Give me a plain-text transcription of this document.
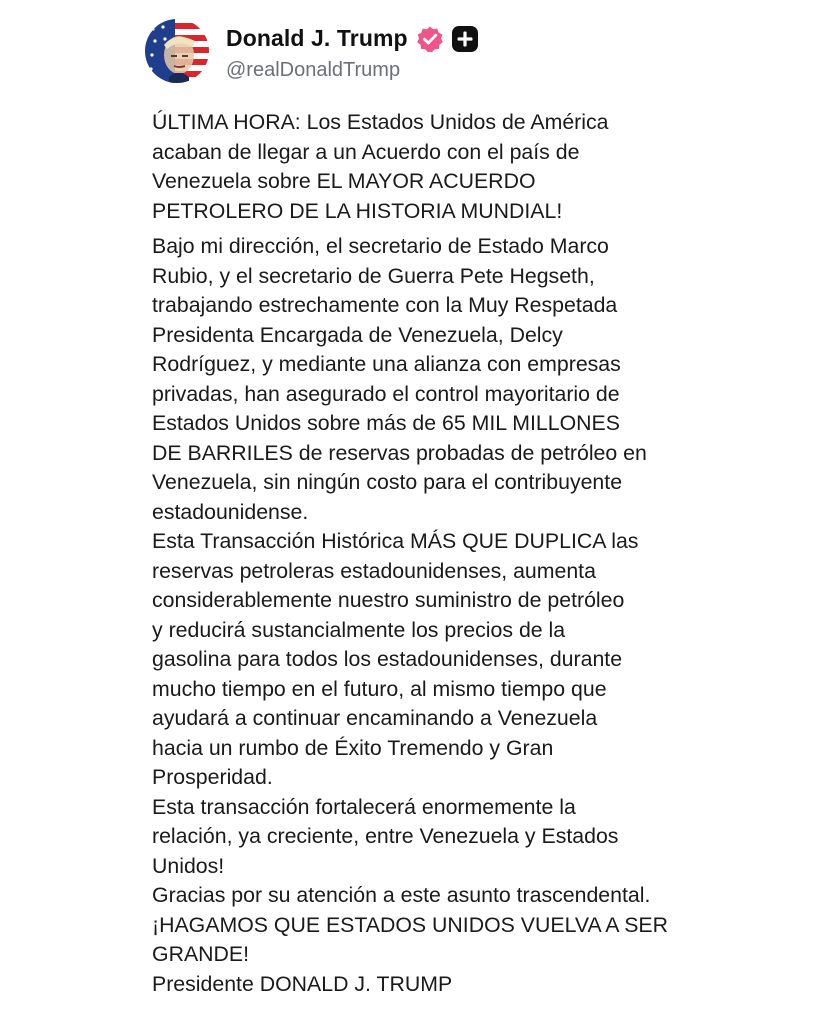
Donald J. Trump
@realDonaldTrump

ÚLTIMA HORA: Los Estados Unidos de América
acaban de llegar a un Acuerdo con el país de
Venezuela sobre EL MAYOR ACUERDO
PETROLERO DE LA HISTORIA MUNDIAL!

Bajo mi dirección, el secretario de Estado Marco
Rubio, y el secretario de Guerra Pete Hegseth,
trabajando estrechamente con la Muy Respetada
Presidenta Encargada de Venezuela, Delcy
Rodríguez, y mediante una alianza con empresas
privadas, han asegurado el control mayoritario de
Estados Unidos sobre más de 65 MIL MILLONES
DE BARRILES de reservas probadas de petróleo en
Venezuela, sin ningún costo para el contribuyente
estadounidense.

Esta Transacción Histórica MÁS QUE DUPLICA las
reservas petroleras estadounidenses, aumenta
considerablemente nuestro suministro de petróleo
y reducirá sustancialmente los precios de la
gasolina para todos los estadounidenses, durante
mucho tiempo en el futuro, al mismo tiempo que
ayudará a continuar encaminando a Venezuela
hacia un rumbo de Éxito Tremendo y Gran
Prosperidad.

Esta transacción fortalecerá enormemente la
relación, ya creciente, entre Venezuela y Estados
Unidos!

Gracias por su atención a este asunto trascendental.

¡HAGAMOS QUE ESTADOS UNIDOS VUELVA A SER
GRANDE!

Presidente DONALD J. TRUMP
